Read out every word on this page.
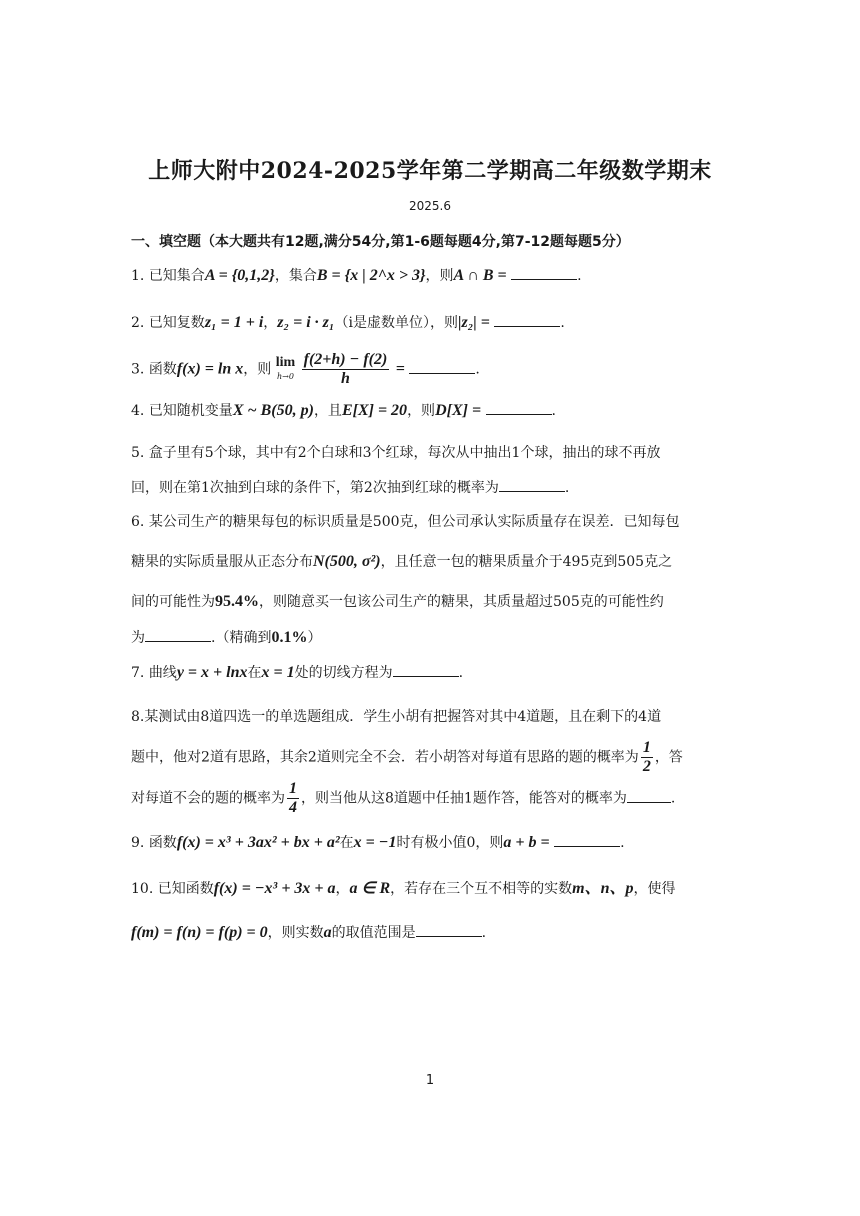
上师大附中2024-2025学年第二学期高二年级数学期末
2025.6
一、填空题（本大题共有12题,满分54分,第1-6题每题4分,第7-12题每题5分）
1. 已知集合A = {0,1,2}，集合B = {x | 2^x > 3}，则A ∩ B =	.
2. 已知复数z₁ = 1 + i，z₂ = i · z₁（i是虚数单位），则|z₂| =	.
3. 函数f(x) = ln x，则 lim
h→0
$\frac{f(2+h) - f(2)}{h}$ =	.
4. 已知随机变量X ~ B(50, p)，且E[X] = 20，则D[X] =	.
5. 盒子里有5个球，其中有2个白球和3个红球，每次从中抽出1个球，抽出的球不再放
回，则在第1次抽到白球的条件下，第2次抽到红球的概率为	.
6. 某公司生产的糖果每包的标识质量是500克，但公司承认实际质量存在误差．已知每包
糖果的实际质量服从正态分布N(500, σ²)，且任意一包的糖果质量介于495克到505克之
间的可能性为95.4%，则随意买一包该公司生产的糖果，其质量超过505克的可能性约
为	.（精确到0.1%）
7. 曲线y = x + lnx在x = 1处的切线方程为	.
8.某测试由8道四选一的单选题组成．学生小胡有把握答对其中4道题，且在剩下的4道
题中，他对2道有思路，其余2道则完全不会．若小胡答对每道有思路的题的概率为 $\frac{1}{2}$ ，答
对每道不会的题的概率为 $\frac{1}{4}$ ，则当他从这8道题中任抽1题作答，能答对的概率为	.
9. 函数f(x) = x³ + 3ax² + bx + a²在x = −1时有极小值0，则a + b =	.
10. 已知函数f(x) = −x³ + 3x + a，a ∈ R，若存在三个互不相等的实数m、n、p，使得
f(m) = f(n) = f(p) = 0，则实数a的取值范围是	.
1
